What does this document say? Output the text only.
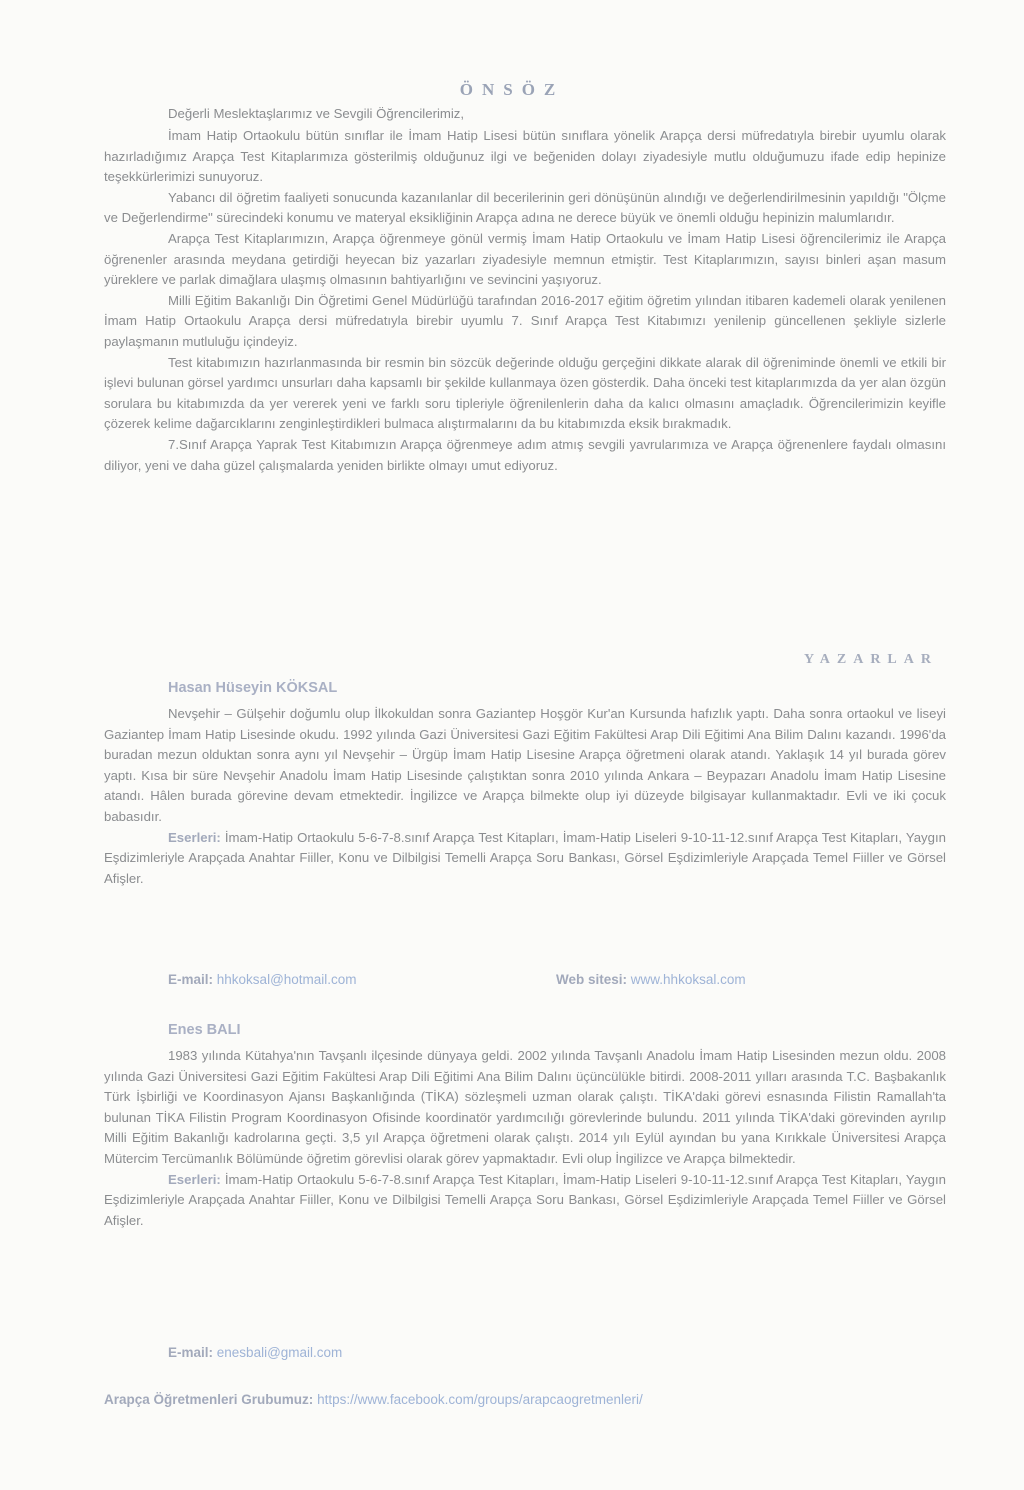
ÖNSÖZ
Değerli Meslektaşlarımız ve Sevgili Öğrencilerimiz,

İmam Hatip Ortaokulu bütün sınıflar ile İmam Hatip Lisesi bütün sınıflara yönelik Arapça dersi müfredatıyla birebir uyumlu olarak hazırladığımız Arapça Test Kitaplarımıza gösterilmiş olduğunuz ilgi ve beğeniden dolayı ziyadesiyle mutlu olduğumuzu ifade edip hepinize teşekkürlerimizi sunuyoruz.

Yabancı dil öğretim faaliyeti sonucunda kazanılanlar dil becerilerinin geri dönüşünün alındığı ve değerlendirilmesinin yapıldığı "Ölçme ve Değerlendirme" sürecindeki konumu ve materyal eksikliğinin Arapça adına ne derece büyük ve önemli olduğu hepinizin malumlarıdır.

Arapça Test Kitaplarımızın, Arapça öğrenmeye gönül vermiş İmam Hatip Ortaokulu ve İmam Hatip Lisesi öğrencilerimiz ile Arapça öğrenenler arasında meydana getirdiği heyecan biz yazarları ziyadesiyle memnun etmiştir. Test Kitaplarımızın, sayısı binleri aşan masum yüreklere ve parlak dimağlara ulaşmış olmasının bahtiyarlığını ve sevincini yaşıyoruz.

Milli Eğitim Bakanlığı Din Öğretimi Genel Müdürlüğü tarafından 2016-2017 eğitim öğretim yılından itibaren kademeli olarak yenilenen İmam Hatip Ortaokulu Arapça dersi müfredatıyla birebir uyumlu 7. Sınıf Arapça Test Kitabımızı yenilenip güncellenen şekliyle sizlerle paylaşmanın mutluluğu içindeyiz.

Test kitabımızın hazırlanmasında bir resmin bin sözcük değerinde olduğu gerçeğini dikkate alarak dil öğreniminde önemli ve etkili bir işlevi bulunan görsel yardımcı unsurları daha kapsamlı bir şekilde kullanmaya özen gösterdik. Daha önceki test kitaplarımızda da yer alan özgün sorulara bu kitabımızda da yer vererek yeni ve farklı soru tipleriyle öğrenilenlerin daha da kalıcı olmasını amaçladık. Öğrencilerimizin keyifle çözerek kelime dağarcıklarını zenginleştirdikleri bulmaca alıştırmalarını da bu kitabımızda eksik bırakmadık.

7.Sınıf Arapça Yaprak Test Kitabımızın Arapça öğrenmeye adım atmış sevgili yavrularımıza ve Arapça öğrenenlere faydalı olmasını diliyor, yeni ve daha güzel çalışmalarda yeniden birlikte olmayı umut ediyoruz.

YAZARLAR
Hasan Hüseyin KÖKSAL

Nevşehir – Gülşehir doğumlu olup İlkokuldan sonra Gaziantep Hoşgör Kur'an Kursunda hafızlık yaptı. Daha sonra ortaokul ve liseyi Gaziantep İmam Hatip Lisesinde okudu. 1992 yılında Gazi Üniversitesi Gazi Eğitim Fakültesi Arap Dili Eğitimi Ana Bilim Dalını kazandı. 1996'da buradan mezun olduktan sonra aynı yıl Nevşehir – Ürgüp İmam Hatip Lisesine Arapça öğretmeni olarak atandı. Yaklaşık 14 yıl burada görev yaptı. Kısa bir süre Nevşehir Anadolu İmam Hatip Lisesinde çalıştıktan sonra 2010 yılında Ankara – Beypazarı Anadolu İmam Hatip Lisesine atandı. Hâlen burada görevine devam etmektedir. İngilizce ve Arapça bilmekte olup iyi düzeyde bilgisayar kullanmaktadır. Evli ve iki çocuk babasıdır.

Eserleri: İmam-Hatip Ortaokulu 5-6-7-8.sınıf Arapça Test Kitapları, İmam-Hatip Liseleri 9-10-11-12.sınıf Arapça Test Kitapları, Yaygın Eşdizimleriyle Arapçada Anahtar Fiiller, Konu ve Dilbilgisi Temelli Arapça Soru Bankası, Görsel Eşdizimleriyle Arapçada Temel Fiiller ve Görsel Afişler.

E-mail: hhkoksal@hotmail.com	Web sitesi: www.hhkoksal.com
Enes BALI

1983 yılında Kütahya'nın Tavşanlı ilçesinde dünyaya geldi. 2002 yılında Tavşanlı Anadolu İmam Hatip Lisesinden mezun oldu. 2008 yılında Gazi Üniversitesi Gazi Eğitim Fakültesi Arap Dili Eğitimi Ana Bilim Dalını üçüncülükle bitirdi. 2008-2011 yılları arasında T.C. Başbakanlık Türk İşbirliği ve Koordinasyon Ajansı Başkanlığında (TİKA) sözleşmeli uzman olarak çalıştı. TİKA'daki görevi esnasında Filistin Ramallah'ta bulunan TİKA Filistin Program Koordinasyon Ofisinde koordinatör yardımcılığı görevlerinde bulundu. 2011 yılında TİKA'daki görevinden ayrılıp Milli Eğitim Bakanlığı kadrolarına geçti. 3,5 yıl Arapça öğretmeni olarak çalıştı. 2014 yılı Eylül ayından bu yana Kırıkkale Üniversitesi Arapça Mütercim Tercümanlık Bölümünde öğretim görevlisi olarak görev yapmaktadır. Evli olup İngilizce ve Arapça bilmektedir.

Eserleri: İmam-Hatip Ortaokulu 5-6-7-8.sınıf Arapça Test Kitapları, İmam-Hatip Liseleri 9-10-11-12.sınıf Arapça Test Kitapları, Yaygın Eşdizimleriyle Arapçada Anahtar Fiiller, Konu ve Dilbilgisi Temelli Arapça Soru Bankası, Görsel Eşdizimleriyle Arapçada Temel Fiiller ve Görsel Afişler.

E-mail: enesbali@gmail.com
Arapça Öğretmenleri Grubumuz: https://www.facebook.com/groups/arapcaogretmenleri/
